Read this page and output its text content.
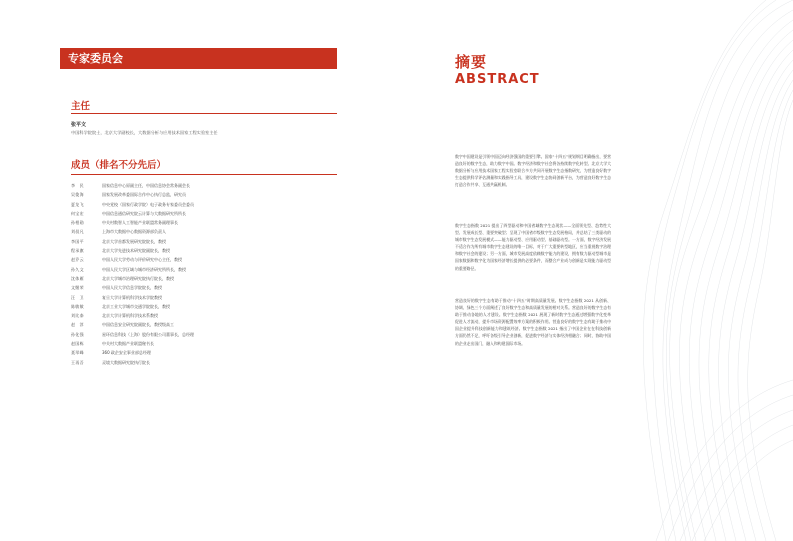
专家委员会
主任
张平文
中国科学院院士，北京大学副校长，大数据分析与应用技术国家工程实验室主任
成员（排名不分先后）
李　民	国家信息中心原副主任，中国信息协会常务副会长
吴俊海	国家发展改革委国际合作中心执行总监，研究员
夏龙飞	中央党校（国家行政学院）电子政务专家委员会委员
何宝宏	中国信息通信研究院云计算与大数据研究所所长
孙相勋	中关村数智人工智能产业联盟常务副理事长
刘叔凡	上海市大数据中心数据资源部负责人
李国平	北京大学首都发展研究院院长，教授
程承旗	北京大学先进技术研究院副院长，教授
赵乔云	中国人民大学劳动与评价研究中心主任，教授
孙久文	中国人民大学区域与城市经济研究所所长，教授
沈体雁	北京大学城市治理研究院执行院长，教授
文继荣	中国人民大学信息学院院长，教授
汪　卫	复旦大学计算机科学技术学院教授
陈敏敏	北京工业大学城市交通学院院长，教授
刘比泰	北京大学计算机科学技术系教授
赵　淳	中国信息安全研究院副院长，教授级高工
孙化强	星环信息科技（上海）股份有限公司董事长，总经理
赵国栋	中关村大数据产业联盟秘书长
聂翠峰	360 政企安全事业部总经理
王再吾	灵境大数据研究院执行院长
摘要
ABSTRACT
数字中国建设是引领中国迈向经济强国的重要引擎。国家“十四五”规划纲目明确指出，要营造良好的数字生态，助力数字中国。数字经济和数字社会将各持续数字化转型。北京大学大数据分析与应用技术国家工程实验室联合多方共同开展数字生态指数研究，为营造良好数字生态提供科学评估测量和实践指导工具，建设数字生态协同创新平台，为营造良好数字生态打造合作共享、互通共赢机制。
数字生态指数 2021 提出了四型驱动和中国省域数字生态现状——全面领先型、趋势性大型、发展成长型、重要突破型；呈现了中国省市级数字生态发展格局，并总结了三类驱动的城市数字生态发展模式——能力驱动型、应用驱动型、基础驱动型。一方面，数字经济发展不适合作为所有城市数字生态建设的唯一目标，对于广大重要转型地区，应当重视数字治理和数字社会的建设；另一方面，城市发展高度依赖数字能力的建设，拥有数力驱动型城市是国家数据和数字化为国家经济增长提供的必要条件，而整合产业成与创新是实现能力驱动型的重要路径。
营造良好的数字生态有助于推动“十四五”时期高质量发展。数字生态指数 2021 从创新、协调、绿色三个方面阐述了良好数字生态和高质量发展的相对关系。营造良好的数字生态有助于推动各地的人才建设。数字生态指数 2021 展现了新时数字生态通过增强数字化变革促进人才流动，提升市场资源配置效率方案的积极作用。营造良好的数字生态有助于推动中国企业提升科技创新能力和建筑经济。数字生态指数 2021 指出了中国企业在在科技创新方面仍然不足，呼吁各级引导企业创新，促进数字经济与实体经济相融合；同时，协助中国的企业走出国门，融入和构建国际市场。
